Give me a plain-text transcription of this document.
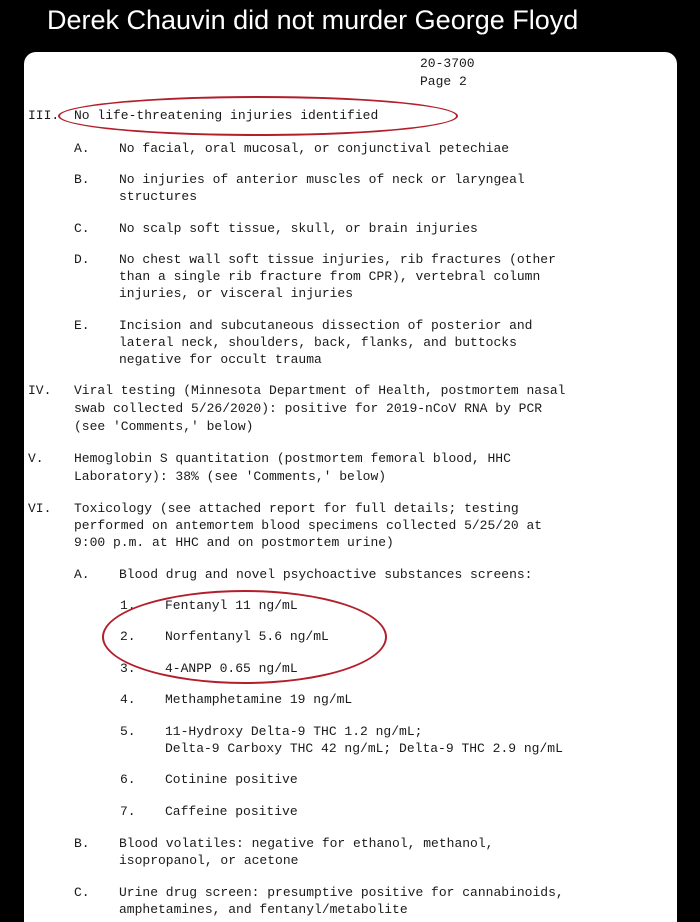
Derek Chauvin did not murder George Floyd
20-3700
Page 2
III. No life-threatening injuries identified
A. No facial, oral mucosal, or conjunctival petechiae
B. No injuries of anterior muscles of neck or laryngeal
structures
C. No scalp soft tissue, skull, or brain injuries
D. No chest wall soft tissue injuries, rib fractures (other
than a single rib fracture from CPR), vertebral column
injuries, or visceral injuries
E. Incision and subcutaneous dissection of posterior and
lateral neck, shoulders, back, flanks, and buttocks
negative for occult trauma
IV. Viral testing (Minnesota Department of Health, postmortem nasal
swab collected 5/26/2020): positive for 2019-nCoV RNA by PCR
(see 'Comments,' below)
V. Hemoglobin S quantitation (postmortem femoral blood, HHC
Laboratory): 38% (see 'Comments,' below)
VI. Toxicology (see attached report for full details; testing
performed on antemortem blood specimens collected 5/25/20 at
9:00 p.m. at HHC and on postmortem urine)
A. Blood drug and novel psychoactive substances screens:
1. Fentanyl 11 ng/mL
2. Norfentanyl 5.6 ng/mL
3. 4-ANPP 0.65 ng/mL
4. Methamphetamine 19 ng/mL
5. 11-Hydroxy Delta-9 THC 1.2 ng/mL;
Delta-9 Carboxy THC 42 ng/mL; Delta-9 THC 2.9 ng/mL
6. Cotinine positive
7. Caffeine positive
B. Blood volatiles: negative for ethanol, methanol,
isopropanol, or acetone
C. Urine drug screen: presumptive positive for cannabinoids,
amphetamines, and fentanyl/metabolite
